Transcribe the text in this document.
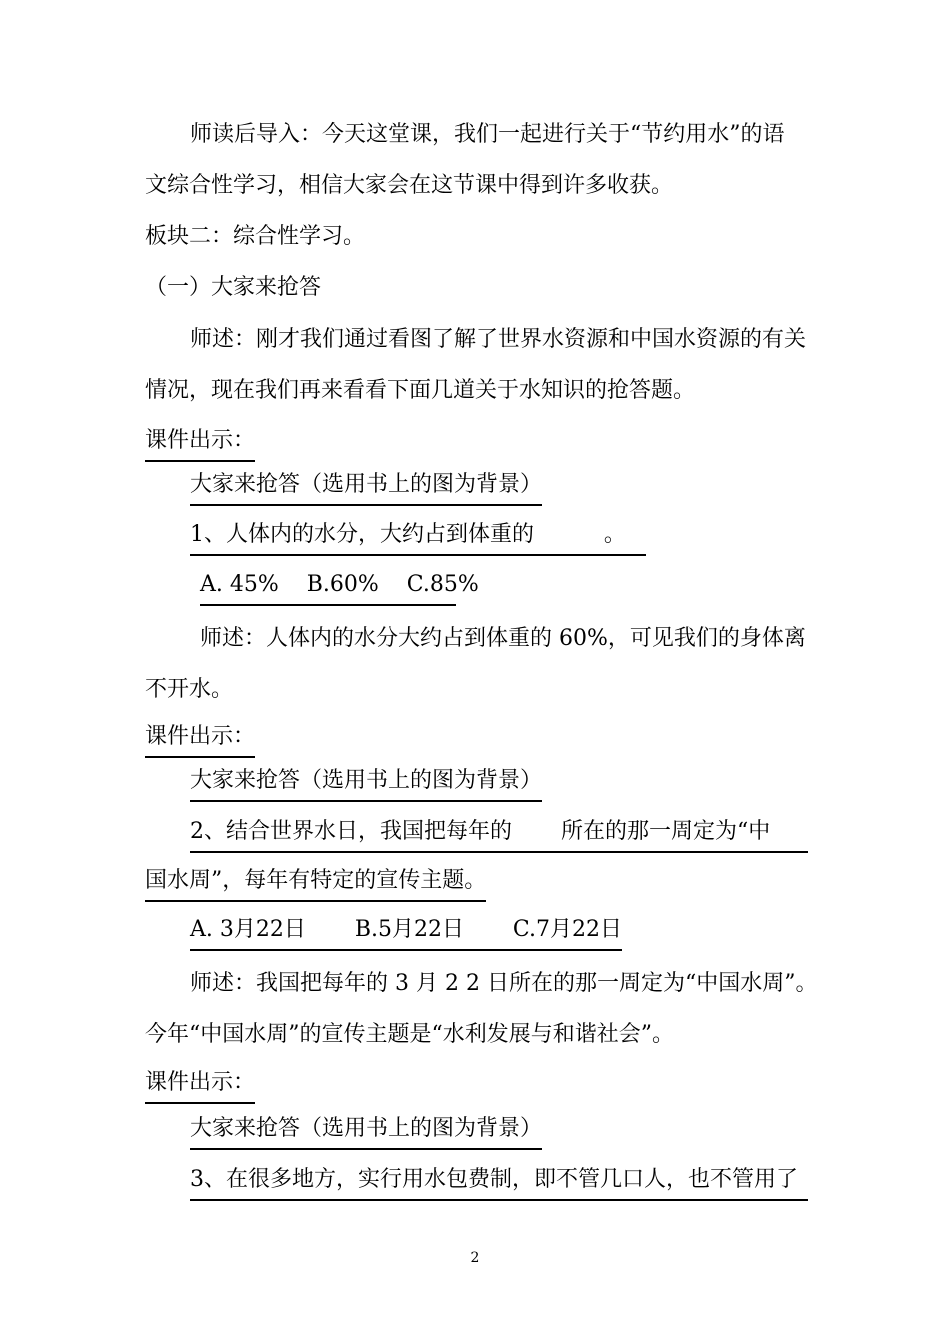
师读后导入：今天这堂课，我们一起进行关于“节约用水”的语
文综合性学习，相信大家会在这节课中得到许多收获。
板块二：综合性学习。
（一）大家来抢答
师述：刚才我们通过看图了解了世界水资源和中国水资源的有关
情况，现在我们再来看看下面几道关于水知识的抢答题。
课件出示：
大家来抢答（选用书上的图为背景）
1、人体内的水分，大约占到体重的          。
A. 45%    B.60%    C.85%
师述：人体内的水分大约占到体重的 60%，可见我们的身体离
不开水。
课件出示：
大家来抢答（选用书上的图为背景）
2、结合世界水日，我国把每年的       所在的那一周定为“中
国水周”，每年有特定的宣传主题。
A. 3月22日       B.5月22日       C.7月22日
师述：我国把每年的 3 月 2 2 日所在的那一周定为“中国水周”。
今年“中国水周”的宣传主题是“水利发展与和谐社会”。
课件出示：
大家来抢答（选用书上的图为背景）
3、在很多地方，实行用水包费制，即不管几口人，也不管用了
2
